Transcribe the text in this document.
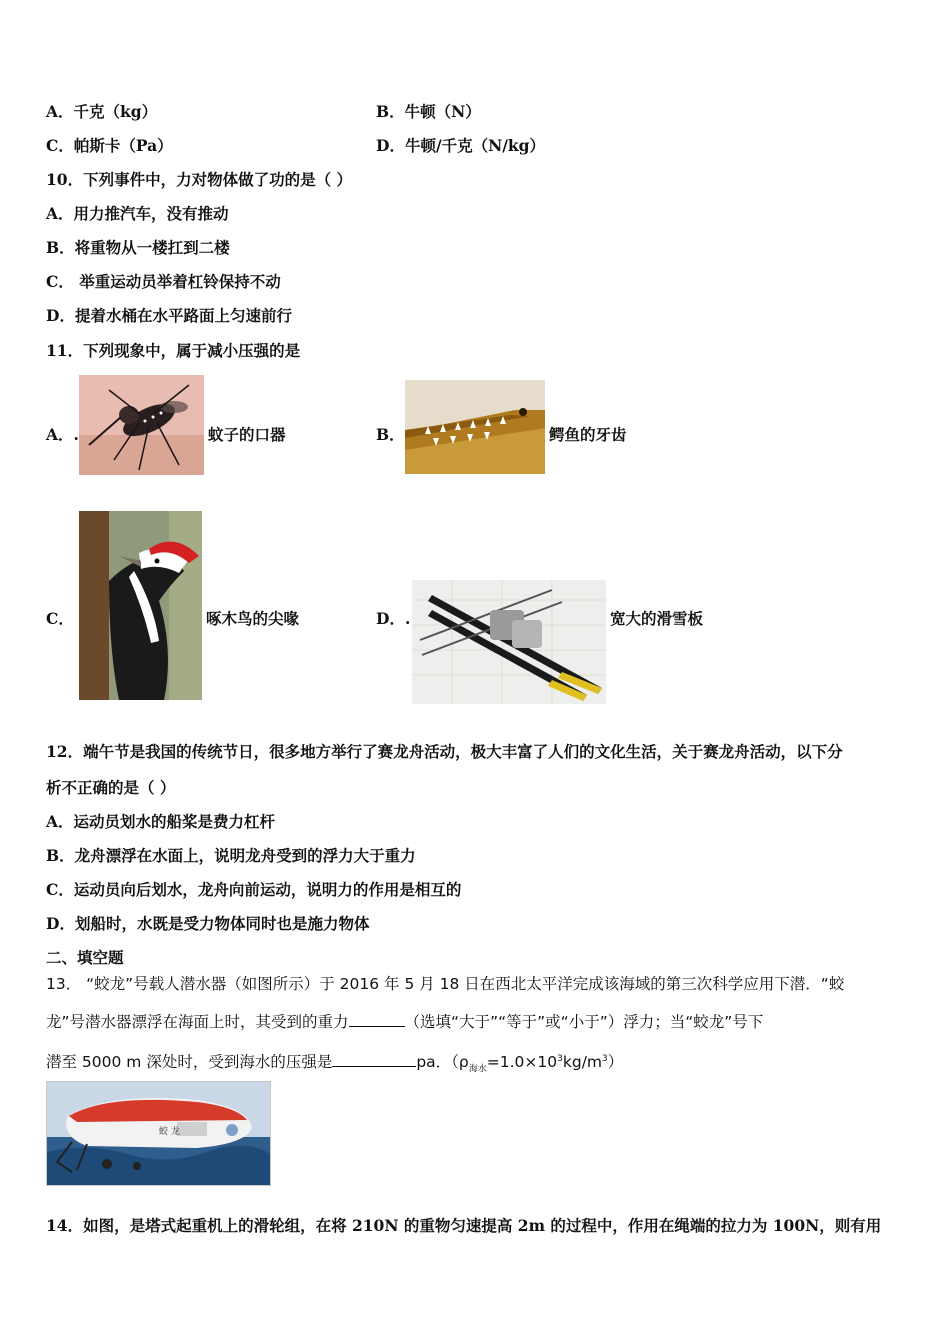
A．千克（kg）	B．牛顿（N）
C．帕斯卡（Pa）	D．牛顿/千克（N/kg）
10．下列事件中，力对物体做了功的是（ ）
A．用力推汽车，没有推动
B．将重物从一楼扛到二楼
C． 举重运动员举着杠铃保持不动
D．提着水桶在水平路面上匀速前行
11．下列现象中，属于减小压强的是
A．.	蚊子的口器	B．	鳄鱼的牙齿
C．	啄木鸟的尖喙	D．.	宽大的滑雪板
12．端午节是我国的传统节日，很多地方举行了赛龙舟活动，极大丰富了人们的文化生活，关于赛龙舟活动，以下分
析不正确的是（ ）
A．运动员划水的船桨是费力杠杆
B．龙舟漂浮在水面上，说明龙舟受到的浮力大于重力
C．运动员向后划水，龙舟向前运动，说明力的作用是相互的
D．划船时，水既是受力物体同时也是施力物体
二、填空题
13． “蛟龙”号载人潜水器（如图所示）于 2016 年 5 月 18 日在西北太平洋完成该海域的第三次科学应用下潜．“蛟
龙”号潜水器漂浮在海面上时，其受到的重力	（选填“大于”“等于”或“小于”）浮力；当“蛟龙”号下
潜至 5000 m 深处时，受到海水的压强是	pa．$(\rho_{海水}=1.0\times 10^3kg/m^3)$
蛟 龙
14．如图，是塔式起重机上的滑轮组，在将 210N 的重物匀速提高 2m 的过程中，作用在绳端的拉力为 100N，则有用
